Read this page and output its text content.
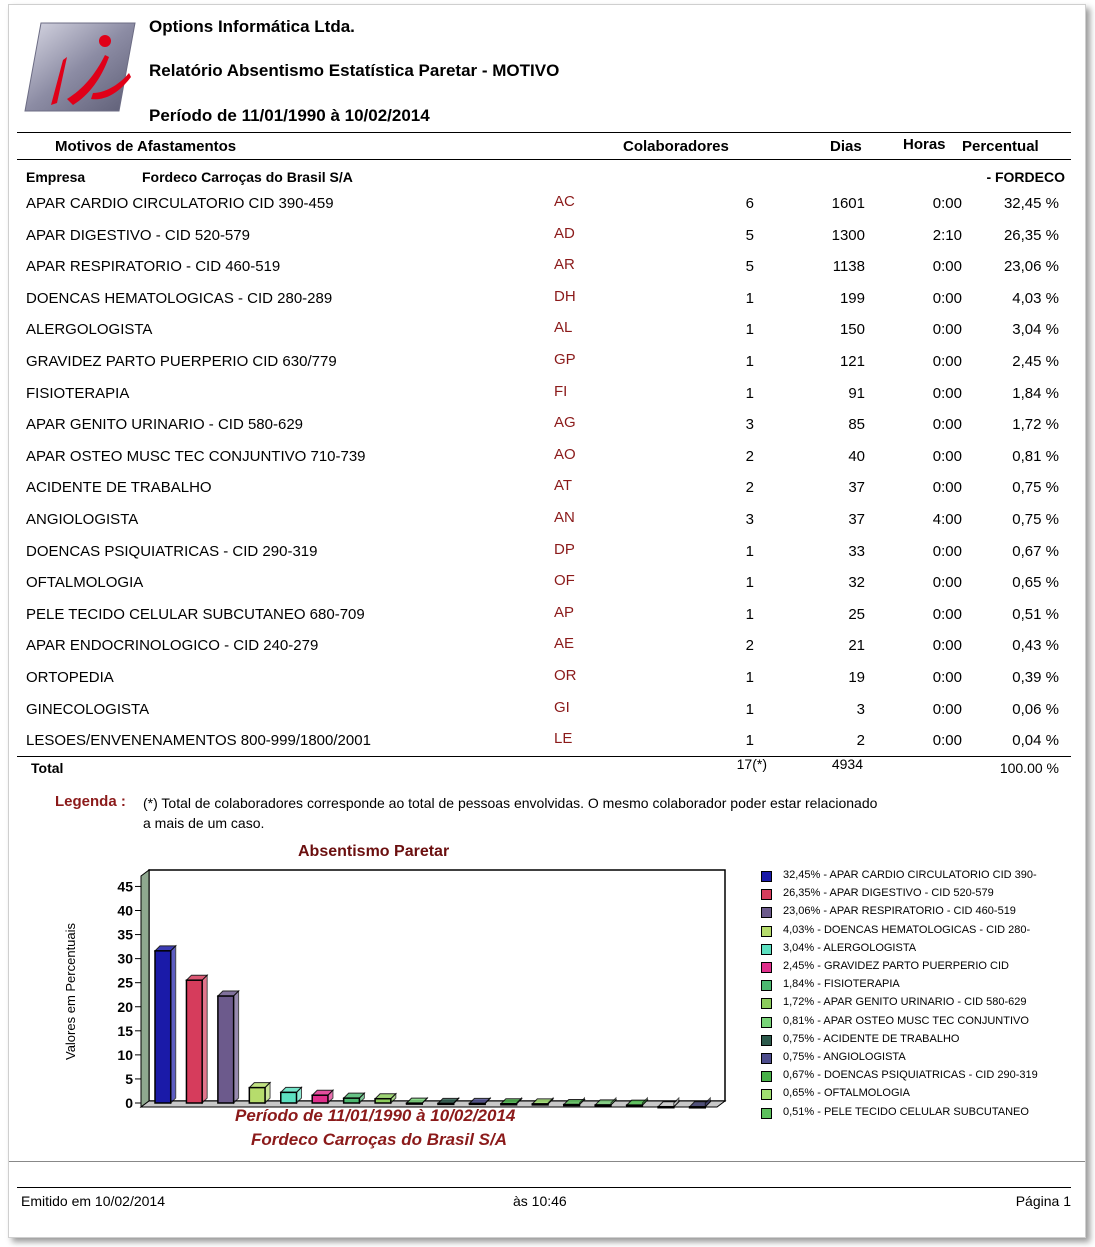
Options Informática Ltda.
Relatório Absentismo Estatística Paretar - MOTIVO
Período de 11/01/1990 à 10/02/2014
Motivos de Afastamentos	Colaboradores	Dias	Horas Percentual
Empresa	Fordeco Carroças do Brasil S/A	- FORDECO
APAR CARDIO CIRCULATORIO CID 390-459	AC	6	1601	0:00	32,45 %
APAR DIGESTIVO - CID 520-579	AD	5	1300	2:10	26,35 %
APAR RESPIRATORIO - CID 460-519	AR	5	1138	0:00	23,06 %
DOENCAS HEMATOLOGICAS - CID 280-289	DH	1	199	0:00	4,03 %
ALERGOLOGISTA	AL	1	150	0:00	3,04 %
GRAVIDEZ PARTO PUERPERIO CID 630/779	GP	1	121	0:00	2,45 %
FISIOTERAPIA	FI	1	91	0:00	1,84 %
APAR GENITO URINARIO - CID 580-629	AG	3	85	0:00	1,72 %
APAR OSTEO MUSC TEC CONJUNTIVO 710-739	AO	2	40	0:00	0,81 %
ACIDENTE DE TRABALHO	AT	2	37	0:00	0,75 %
ANGIOLOGISTA	AN	3	37	4:00	0,75 %
DOENCAS PSIQUIATRICAS - CID 290-319	DP	1	33	0:00	0,67 %
OFTALMOLOGIA	OF	1	32	0:00	0,65 %
PELE TECIDO CELULAR SUBCUTANEO 680-709	AP	1	25	0:00	0,51 %
APAR ENDOCRINOLOGICO - CID 240-279	AE	2	21	0:00	0,43 %
ORTOPEDIA	OR	1	19	0:00	0,39 %
GINECOLOGISTA	GI	1	3	0:00	0,06 %
LESOES/ENVENENAMENTOS 800-999/1800/2001	LE	1	2	0:00	0,04 %
Total	17(*)	4934	100.00 %
Legenda : (*) Total de colaboradores corresponde ao total de pessoas envolvidas. O mesmo colaborador poder estar relacionado
a mais de um caso.
Absentismo Paretar
0
5
10
15
20
25
30
35
40
45
Valores em Percentuais
Período de 11/01/1990 à 10/02/2014
Fordeco Carroças do Brasil S/A
32,45% - APAR CARDIO CIRCULATORIO CID 390-
26,35% - APAR DIGESTIVO - CID 520-579
23,06% - APAR RESPIRATORIO - CID 460-519
4,03% - DOENCAS HEMATOLOGICAS - CID 280-
3,04% - ALERGOLOGISTA
2,45% - GRAVIDEZ PARTO PUERPERIO CID
1,84% - FISIOTERAPIA
1,72% - APAR GENITO URINARIO - CID 580-629
0,81% - APAR OSTEO MUSC TEC CONJUNTIVO
0,75% - ACIDENTE DE TRABALHO
0,75% - ANGIOLOGISTA
0,67% - DOENCAS PSIQUIATRICAS - CID 290-319
0,65% - OFTALMOLOGIA
0,51% - PELE TECIDO CELULAR SUBCUTANEO
Emitido em 10/02/2014	às 10:46	Página 1
